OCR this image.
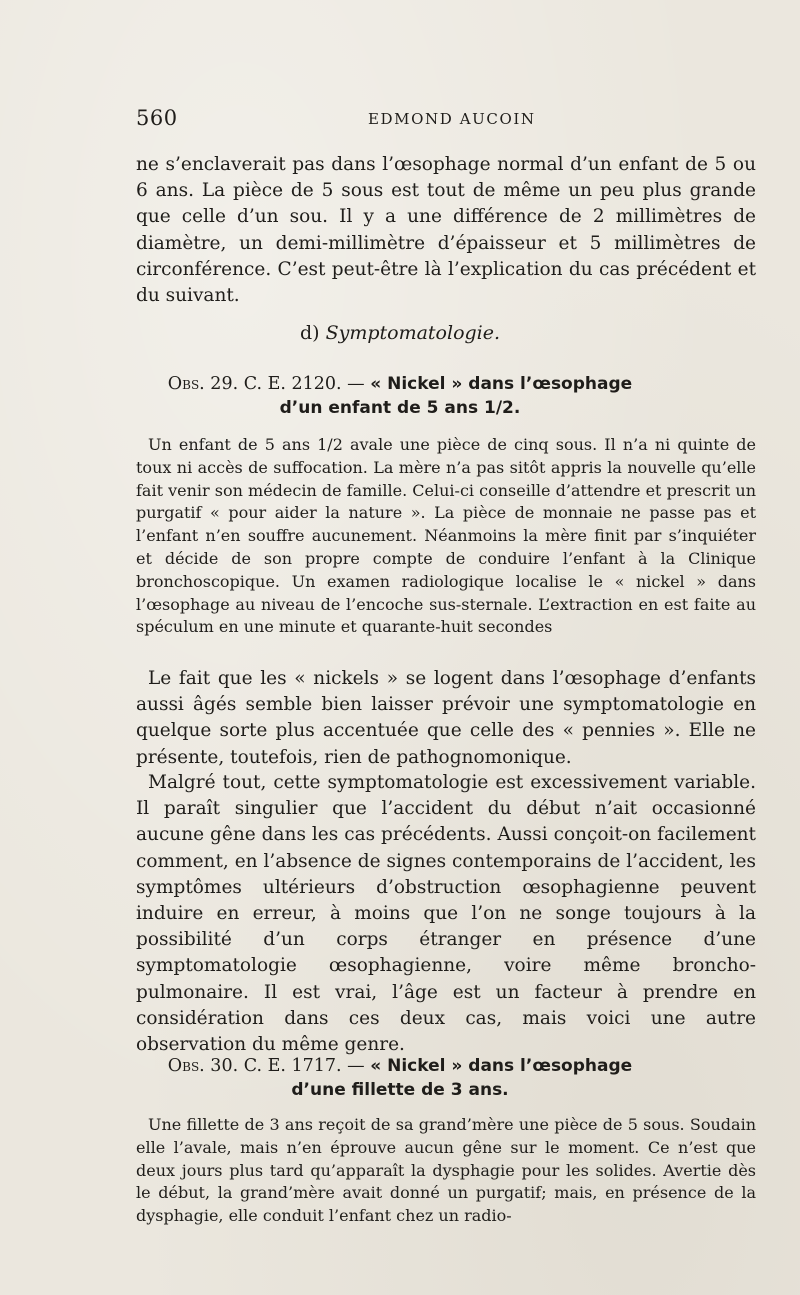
560	EDMOND AUCOIN

ne s’enclaverait pas dans l’œsophage normal d’un enfant de 5 ou 6 ans. La pièce de 5 sous est tout de même un peu plus grande que celle d’un sou. Il y a une différence de 2 millimètres de diamètre, un demi-millimètre d’épaisseur et 5 millimètres de circonférence. C’est peut-être là l’explication du cas précédent et du suivant.

d) Symptomatologie.
Obs. 29. C. E. 2120. — « Nickel » dans l’œsophage
d’un enfant de 5 ans 1/2.

Un enfant de 5 ans 1/2 avale une pièce de cinq sous. Il n’a ni quinte de toux ni accès de suffocation. La mère n’a pas sitôt appris la nouvelle qu’elle fait venir son médecin de famille. Celui-ci conseille d’attendre et prescrit un purgatif « pour aider la nature ». La pièce de monnaie ne passe pas et l’enfant n’en souffre aucunement. Néanmoins la mère finit par s’inquiéter et décide de son propre compte de conduire l’enfant à la Clinique bronchoscopique. Un examen radiologique localise le « nickel » dans l’œsophage au niveau de l’encoche sus-sternale. L’extraction en est faite au spéculum en une minute et quarante-huit secondes

Le fait que les « nickels » se logent dans l’œsophage d’enfants aussi âgés semble bien laisser prévoir une symptomatologie en quelque sorte plus accentuée que celle des « pennies ». Elle ne présente, toutefois, rien de pathognomonique.

Malgré tout, cette symptomatologie est excessivement variable. Il paraît singulier que l’accident du début n’ait occasionné aucune gêne dans les cas précédents. Aussi conçoit-on facilement comment, en l’absence de signes contemporains de l’accident, les symptômes ultérieurs d’obstruction œsophagienne peuvent induire en erreur, à moins que l’on ne songe toujours à la possibilité d’un corps étranger en présence d’une symptomatologie œsophagienne, voire même broncho-pulmonaire. Il est vrai, l’âge est un facteur à prendre en considération dans ces deux cas, mais voici une autre observation du même genre.

Obs. 30. C. E. 1717. — « Nickel » dans l’œsophage
d’une fillette de 3 ans.

Une fillette de 3 ans reçoit de sa grand’mère une pièce de 5 sous. Soudain elle l’avale, mais n’en éprouve aucun gêne sur le moment. Ce n’est que deux jours plus tard qu’apparaît la dysphagie pour les solides. Avertie dès le début, la grand’mère avait donné un purgatif; mais, en présence de la dysphagie, elle conduit l’enfant chez un radio-
